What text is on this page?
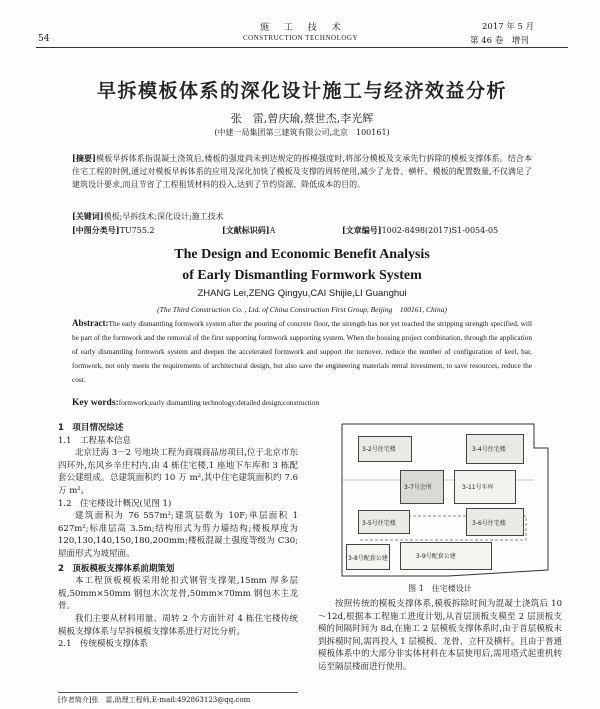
54
施 工 技 术
CONSTRUCTION TECHNOLOGY
2017 年 5 月
第 46 卷　增刊
早拆模板体系的深化设计施工与经济效益分析
张　雷,曾庆瑜,蔡世杰,李光辉
(中建一局集团第三建筑有限公司,北京　100161)
[摘要]模板早拆体系指混凝土浇筑后,楼板的强度尚未到达规定的拆模强度时,将部分模板及支承先行拆除的模板支撑体系。结合本住宅工程的时例,通过对模板早拆体系的应用及深化加快了模板及支撑的周转使用,减少了龙骨、横杆、模板的配置数量,不仅满足了建筑设计要求,而且节省了工程租赁材料的投入,达到了节约资源、降低成本的目的。
[关键词]模板;早拆技术;深化设计;施工技术
[中图分类号]TU755.2	[文献标识码]A	[文章编号]1002-8498(2017)S1-0054-05
The Design and Economic Benefit Analysis
of Early Dismantling Formwork System
ZHANG Lei,ZENG Qingyu,CAI Shijie,LI Guanghui
(The Third Construction Co. , Ltd. of China Construction First Group, Beijing　100161, China)
Abstract:The early dismantling formwork system after the pouring of concrete floor, the strength has not yet reached the stripping strength specified, will be part of the formwork and the removal of the first supporting formwork supporting system. When the housing project combination, through the application of early dismantling formwork system and deepen the accelerated formwork and support the turnover, reduce the number of configuration of keel, bar, formwork, not only meets the requirements of architectural design, but also save the engineering materials rental investment, to save resources, reduce the cost.
Key words:formwork;early dismantling technology;detailed design;construction

1　项目情况综述

1.1　工程基本信息

北京迁海 3－2 号地块工程为商端商品房项目,位于北京市东四环外,东风乡辛庄村内,由 4 栋住宅楼,1 座地下车库和 3 栋配套公建组成。总建筑面积约 10 万 m²,其中住宅建筑面积约 7.6 万 m²。

1.2　住宅楼设计概况(见图 1)

建筑面积为 76 557m²;建筑层数为 10F;单层面积 1 627m²;标准层高 3.5m;结构形式为剪力墙结构;楼板厚度为 120,130,140,150,180,200mm;楼板混凝土强度等级为 C30;屋面形式为坡屋面。

2　顶板模板支撑体系前期策划

本工程顶板模板采用轮扣式钢管支撑架,15mm 厚多层板,50mm×50mm 钢包木次龙骨,50mm×70mm 钢包木主龙骨。

我们主要从材料用量、周转 2 个方面针对 4 栋住宅楼传统模板支撑体系与早拆模板支撑体系进行对比分析。

2.1　传统模板支撑体系

[作者简介]张　雷,助理工程师,E-mail:492863123@qq.com
3-2号住宅楼	3-4号住宅楼
3-7号会所	3-11号车库
3-5号住宅楼	3-6号住宅楼
3-8号配套公建	3-9号配套公建
图 1　住宅楼设计

按照传统的模板支撑体系,模板拆除时间为混凝土浇筑后 10～12d,根据本工程施工进度计划,从首层顶板支模至 2 层顶板支模的间隔时间为 8d,在施工 2 层模板支撑体系时,由于首层模板未到拆模时间,需再投入 1 层模板、龙骨、立杆及横杆。且由于普通模板体系中的大部分非实体材料在本层使用后,需用塔式起重机转运至隔层楼面进行使用。
